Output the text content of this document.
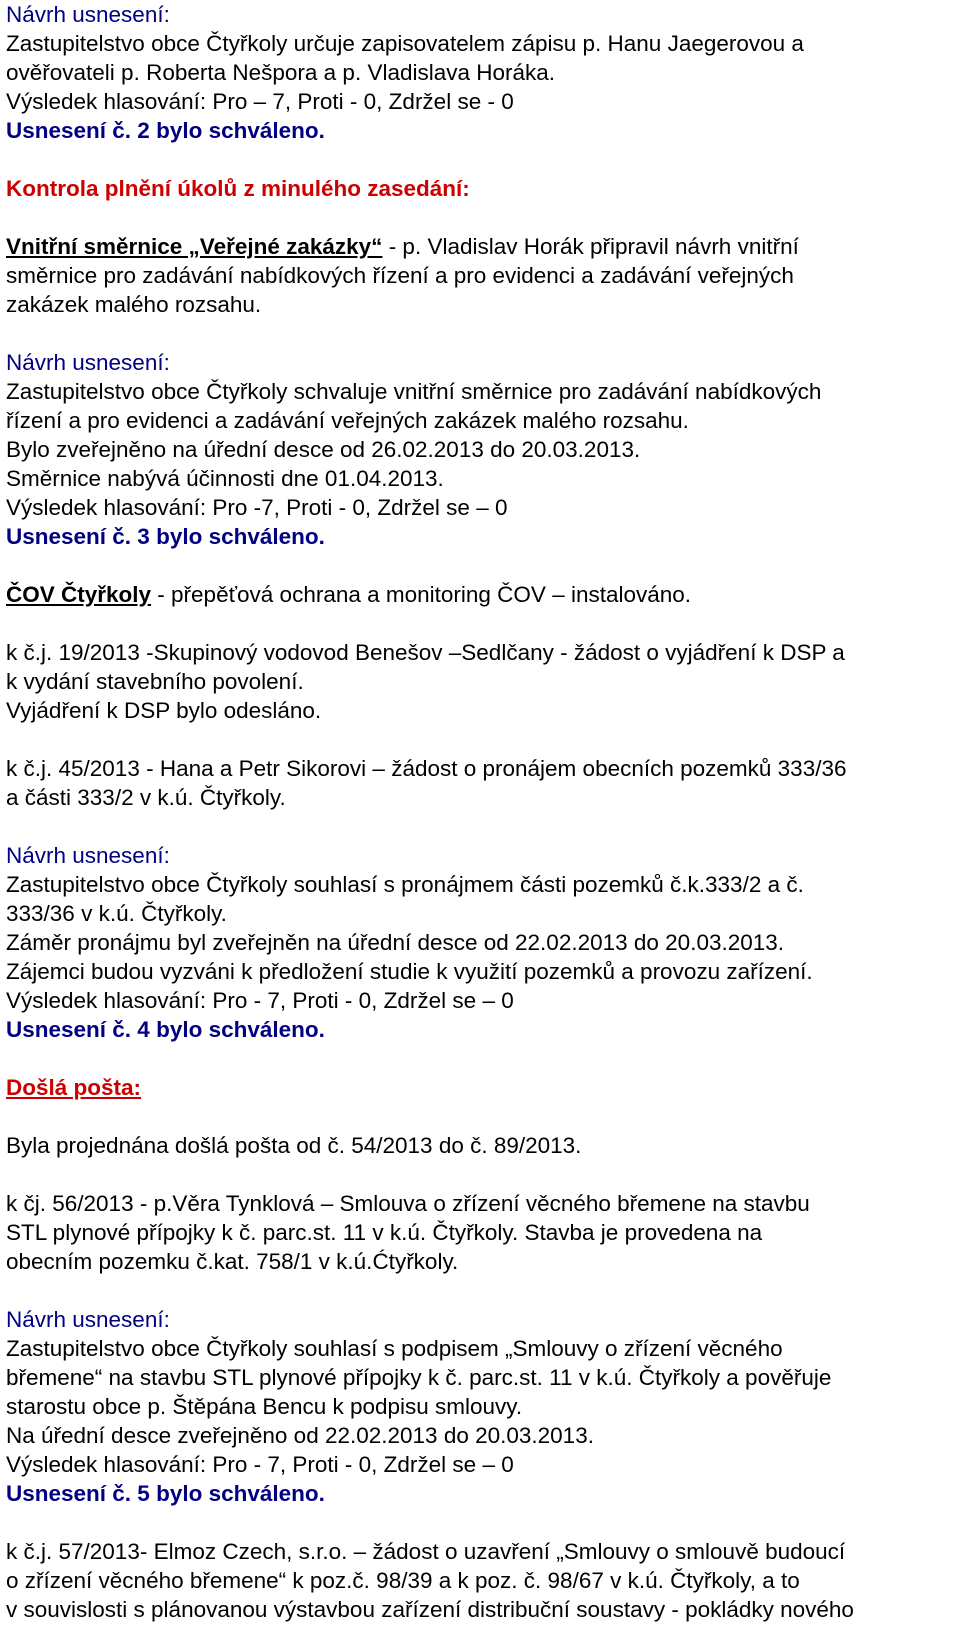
Návrh usnesení:
Zastupitelstvo obce Čtyřkoly určuje zapisovatelem zápisu p. Hanu Jaegerovou a
ověřovateli p. Roberta Nešpora a p. Vladislava Horáka.
Výsledek hlasování: Pro – 7, Proti - 0, Zdržel se - 0
Usnesení č. 2 bylo schváleno.
Kontrola plnění úkolů z minulého zasedání:
Vnitřní směrnice „Veřejné zakázky“ - p. Vladislav Horák připravil návrh vnitřní
směrnice pro zadávání nabídkových řízení a pro evidenci a zadávání veřejných
zakázek malého rozsahu.
Návrh usnesení:
Zastupitelstvo obce Čtyřkoly schvaluje vnitřní směrnice pro zadávání nabídkových
řízení a pro evidenci a zadávání veřejných zakázek malého rozsahu.
Bylo zveřejněno na úřední desce od 26.02.2013 do 20.03.2013.
Směrnice nabývá účinnosti dne 01.04.2013.
Výsledek hlasování: Pro -7, Proti - 0, Zdržel se – 0
Usnesení č. 3 bylo schváleno.
ČOV Čtyřkoly - přepěťová ochrana a monitoring ČOV – instalováno.
k č.j. 19/2013 -Skupinový vodovod Benešov –Sedlčany - žádost o vyjádření k DSP a
k vydání stavebního povolení.
Vyjádření k DSP bylo odesláno.
k č.j. 45/2013 - Hana a Petr Sikorovi – žádost o pronájem obecních pozemků 333/36
a části 333/2 v k.ú. Čtyřkoly.
Návrh usnesení:
Zastupitelstvo obce Čtyřkoly souhlasí s pronájmem části pozemků č.k.333/2 a č.
333/36 v k.ú. Čtyřkoly.
Záměr pronájmu byl zveřejněn na úřední desce od 22.02.2013 do 20.03.2013.
Zájemci budou vyzváni k předložení studie k využití pozemků a provozu zařízení.
Výsledek hlasování: Pro - 7, Proti - 0, Zdržel se – 0
Usnesení č. 4 bylo schváleno.
Došlá pošta:
Byla projednána došlá pošta od č. 54/2013 do č. 89/2013.
k čj. 56/2013 - p.Věra Tynklová – Smlouva o zřízení věcného břemene na stavbu
STL plynové přípojky k č. parc.st. 11 v k.ú. Čtyřkoly. Stavba je provedena na
obecním pozemku č.kat. 758/1 v k.ú.Ćtyřkoly.
Návrh usnesení:
Zastupitelstvo obce Čtyřkoly souhlasí s podpisem „Smlouvy o zřízení věcného
břemene“ na stavbu STL plynové přípojky k č. parc.st. 11 v k.ú. Čtyřkoly a pověřuje
starostu obce p. Štěpána Bencu k podpisu smlouvy.
Na úřední desce zveřejněno od 22.02.2013 do 20.03.2013.
Výsledek hlasování: Pro - 7, Proti - 0, Zdržel se – 0
Usnesení č. 5 bylo schváleno.
k č.j. 57/2013- Elmoz Czech, s.r.o. – žádost o uzavření „Smlouvy o smlouvě budoucí
o zřízení věcného břemene“ k poz.č. 98/39 a k poz. č. 98/67 v k.ú. Čtyřkoly, a to
v souvislosti s plánovanou výstavbou zařízení distribuční soustavy - pokládky nového
